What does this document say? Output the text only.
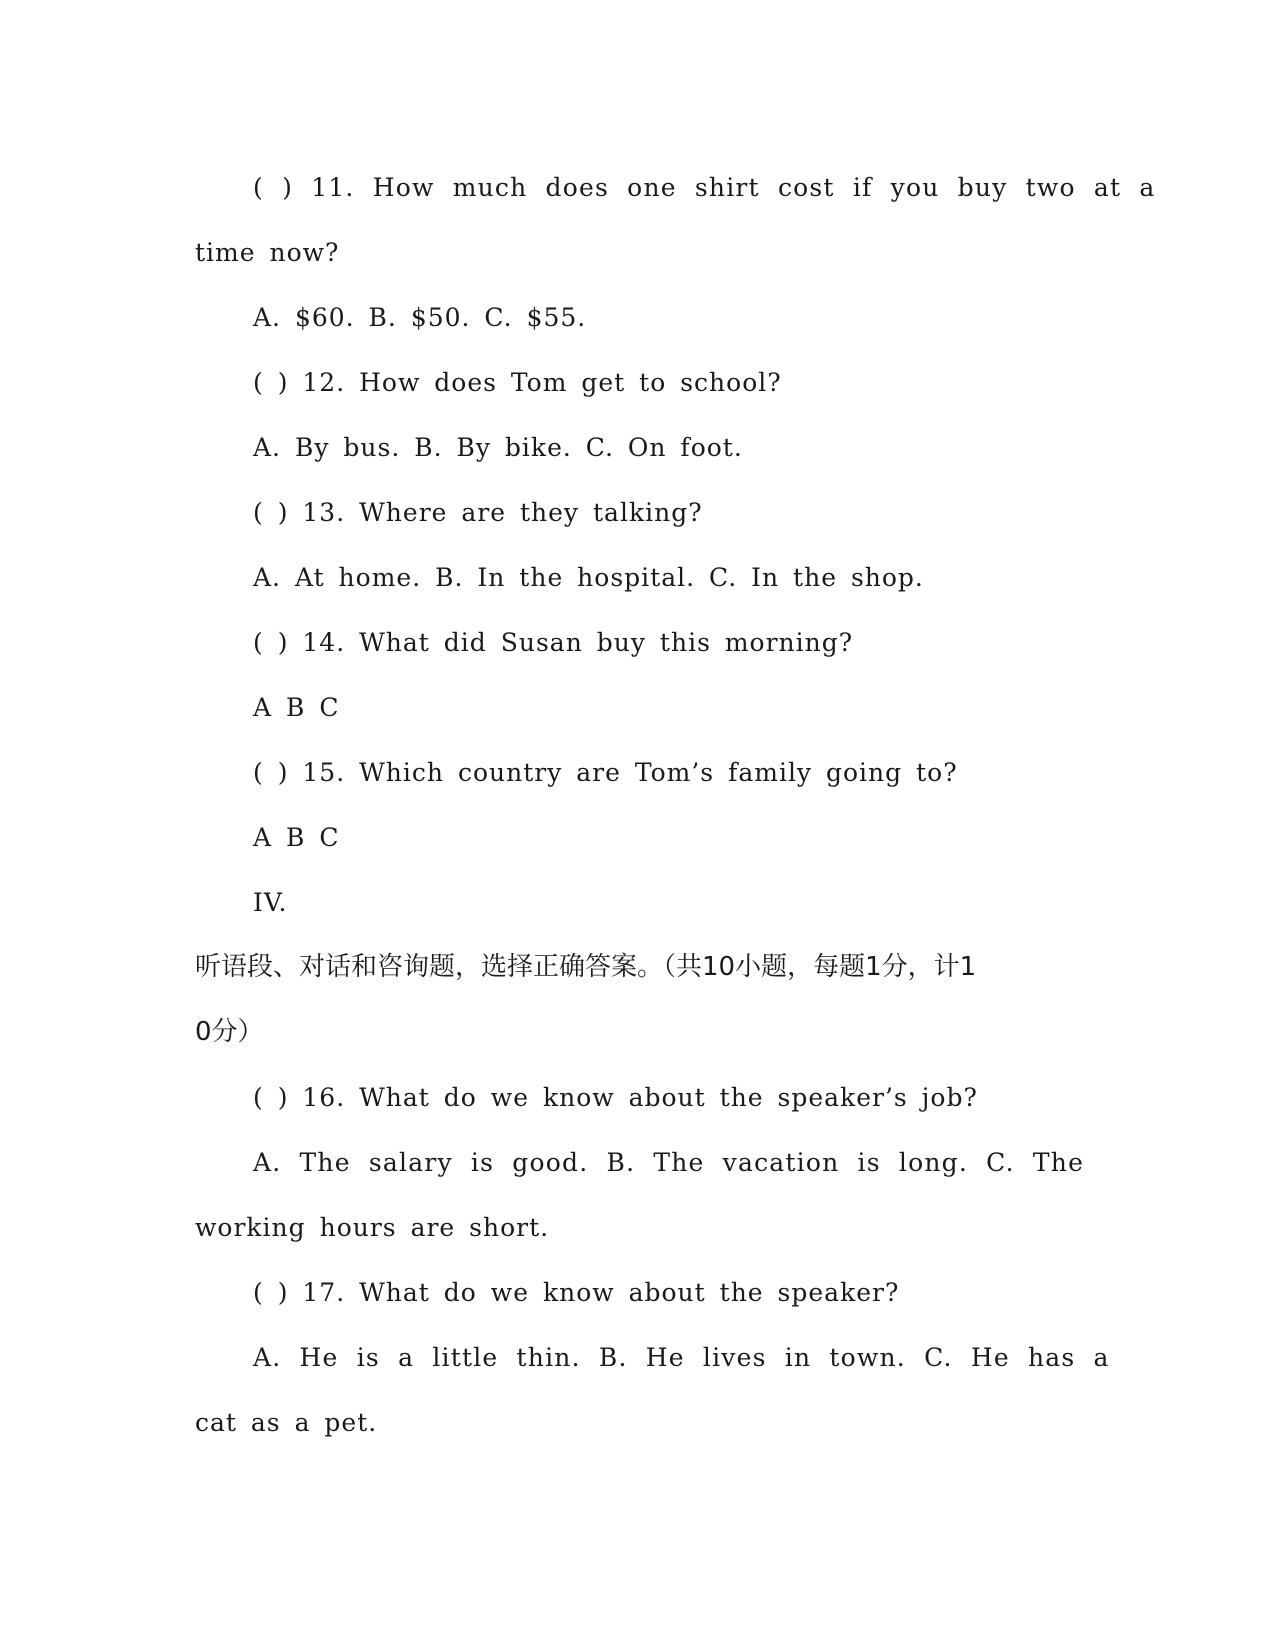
( ) 11. How much does one shirt cost if you buy two at a
time now?
A. $60. B. $50. C. $55.
( ) 12. How does Tom get to school?
A. By bus. B. By bike. C. On foot.
( ) 13. Where are they talking?
A. At home. B. In the hospital. C. In the shop.
( ) 14. What did Susan buy this morning?
A B C
( ) 15. Which country are Tom’s family going to?
A B C
IV.
听语段、对话和咨询题，选择正确答案。（共10小题，每题1分，计1
0分）
( ) 16. What do we know about the speaker’s job?
A. The salary is good. B. The vacation is long. C. The
working hours are short.
( ) 17. What do we know about the speaker?
A. He is a little thin. B. He lives in town. C. He has a
cat as a pet.
